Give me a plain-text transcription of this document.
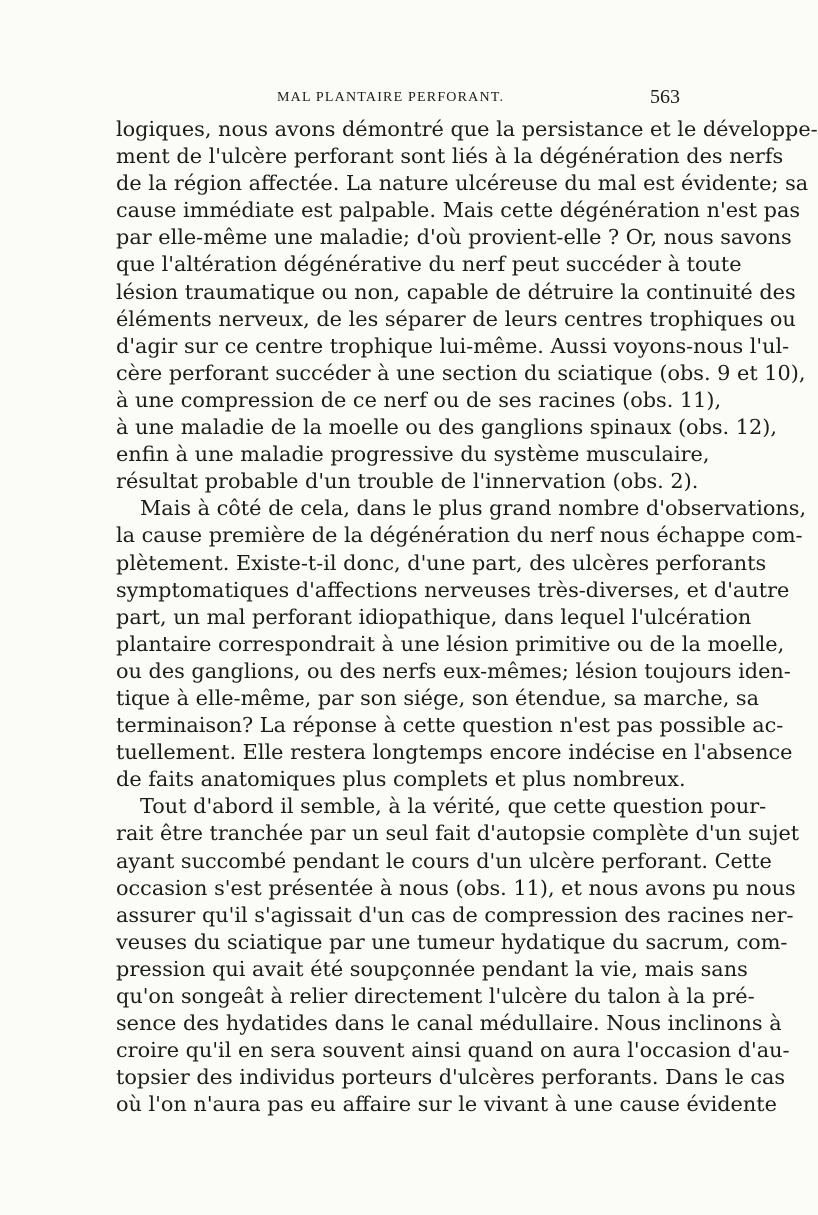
MAL PLANTAIRE PERFORANT.	563
logiques, nous avons démontré que la persistance et le développe-
ment de l'ulcère perforant sont liés à la dégénération des nerfs
de la région affectée. La nature ulcéreuse du mal est évidente; sa
cause immédiate est palpable. Mais cette dégénération n'est pas
par elle-même une maladie; d'où provient-elle ? Or, nous savons
que l'altération dégénérative du nerf peut succéder à toute
lésion traumatique ou non, capable de détruire la continuité des
éléments nerveux, de les séparer de leurs centres trophiques ou
d'agir sur ce centre trophique lui-même. Aussi voyons-nous l'ul-
cère perforant succéder à une section du sciatique (obs. 9 et 10),
à une compression de ce nerf ou de ses racines (obs. 11),
à une maladie de la moelle ou des ganglions spinaux (obs. 12),
enfin à une maladie progressive du système musculaire,
résultat probable d'un trouble de l'innervation (obs. 2).
Mais à côté de cela, dans le plus grand nombre d'observations,
la cause première de la dégénération du nerf nous échappe com-
plètement. Existe-t-il donc, d'une part, des ulcères perforants
symptomatiques d'affections nerveuses très-diverses, et d'autre
part, un mal perforant idiopathique, dans lequel l'ulcération
plantaire correspondrait à une lésion primitive ou de la moelle,
ou des ganglions, ou des nerfs eux-mêmes; lésion toujours iden-
tique à elle-même, par son siége, son étendue, sa marche, sa
terminaison? La réponse à cette question n'est pas possible ac-
tuellement. Elle restera longtemps encore indécise en l'absence
de faits anatomiques plus complets et plus nombreux.
Tout d'abord il semble, à la vérité, que cette question pour-
rait être tranchée par un seul fait d'autopsie complète d'un sujet
ayant succombé pendant le cours d'un ulcère perforant. Cette
occasion s'est présentée à nous (obs. 11), et nous avons pu nous
assurer qu'il s'agissait d'un cas de compression des racines ner-
veuses du sciatique par une tumeur hydatique du sacrum, com-
pression qui avait été soupçonnée pendant la vie, mais sans
qu'on songeât à relier directement l'ulcère du talon à la pré-
sence des hydatides dans le canal médullaire. Nous inclinons à
croire qu'il en sera souvent ainsi quand on aura l'occasion d'au-
topsier des individus porteurs d'ulcères perforants. Dans le cas
où l'on n'aura pas eu affaire sur le vivant à une cause évidente
